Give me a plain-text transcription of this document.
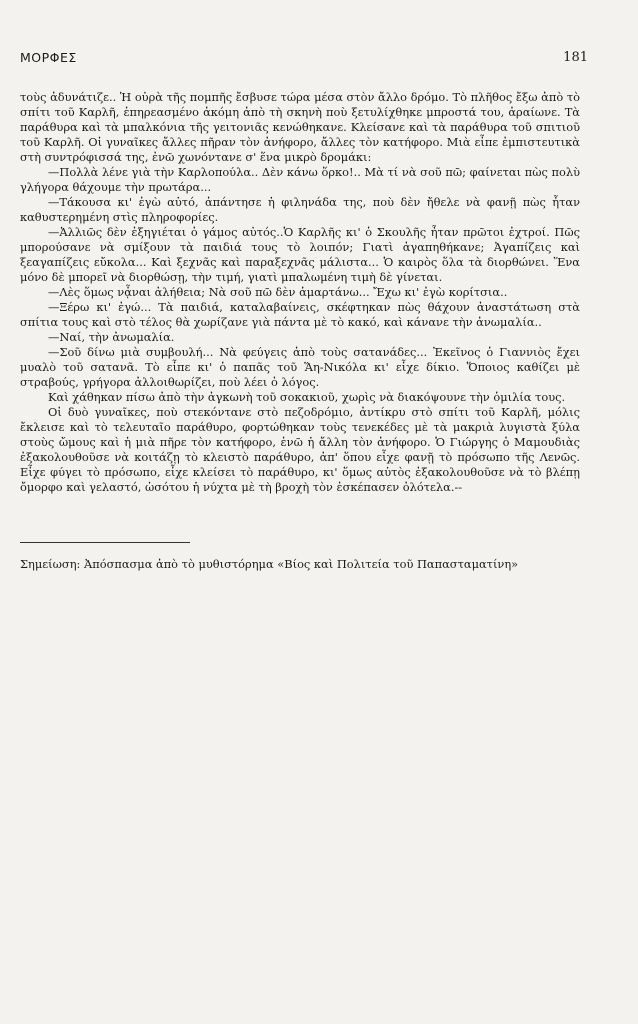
ΜΟΡΦΕΣ	181

τοὺς ἀδυνάτιζε.. Ἡ οὐρὰ τῆς πομπῆς ἔσβυσε τώρα μέσα στὸν ἄλλο δρόμο. Τὸ πλῆθος ἔξω ἀπὸ τὸ σπίτι τοῦ Καρλῆ, ἐπηρεασμένο ἀκόμη ἀπὸ τὴ σκηνὴ ποὺ ξετυλίχθηκε μπροστά του, ἀραίωνε. Τὰ παράθυρα καὶ τὰ μπαλκόνια τῆς γειτονιᾶς κενώθηκανε. Κλείσανε καὶ τὰ παράθυρα τοῦ σπιτιοῦ τοῦ Καρλῆ. Οἱ γυναῖκες ἄλλες πῆραν τὸν ἀνήφορο, ἄλλες τὸν κατήφορο. Μιὰ εἶπε ἐμπιστευτικὰ στὴ συντρόφισσά της, ἐνῶ χωνόντανε σ' ἕνα μικρὸ δρομάκι:

—Πολλὰ λένε γιὰ τὴν Καρλοπούλα.. Δὲν κάνω ὅρκο!.. Μὰ τί νὰ σοῦ πῶ; φαίνεται πὼς πολὺ γλήγορα θάχουμε τὴν πρωτάρα...

—Τάκουσα κι' ἐγὼ αὐτό, ἀπάντησε ἡ φιληνάδα της, ποὺ δὲν ἤθελε νὰ φανῇ πὼς ἦταν καθυστερημένη στὶς πληροφορίες.

—Ἀλλιῶς δὲν ἐξηγιέται ὁ γάμος αὐτός..Ὁ Καρλῆς κι' ὁ Σκουλῆς ἦταν πρῶτοι ἐχτροί. Πῶς μπορούσανε νὰ σμίξουν τὰ παιδιά τους τὸ λοιπόν; Γιατὶ ἀγαπηθήκανε; Ἀγαπίζεις καὶ ξεαγαπίζεις εὔκολα... Καὶ ξεχνᾶς καὶ παραξεχνᾶς μάλιστα... Ὁ καιρὸς ὅλα τὰ διορθώνει. Ἕνα μόνο δὲ μπορεῖ νὰ διορθώσῃ, τὴν τιμή, γιατὶ μπαλωμένη τιμὴ δὲ γίνεται.

—Λὲς ὅμως νᾆναι ἀλήθεια; Νὰ σοῦ πῶ δὲν ἁμαρτάνω... Ἔχω κι' ἐγὼ κορίτσια..

—Ξέρω κι' ἐγώ... Τὰ παιδιά, καταλαβαίνεις, σκέφτηκαν πὼς θάχουν ἀναστάτωση στὰ σπίτια τους καὶ στὸ τέλος θὰ χωρίζανε γιὰ πάντα μὲ τὸ κακό, καὶ κάνανε τὴν ἀνωμαλία..

—Ναί, τὴν ἀνωμαλία.

—Σοῦ δίνω μιὰ συμβουλή... Νὰ φεύγεις ἀπὸ τοὺς σατανάδες... Ἐκεῖνος ὁ Γιαννιὸς ἔχει μυαλὸ τοῦ σατανᾶ. Τὸ εἶπε κι' ὁ παπᾶς τοῦ Ἅη-Νικόλα κι' εἶχε δίκιο. Ὅποιος καθίζει μὲ στραβούς, γρήγορα ἀλλοιθωρίζει, ποὺ λέει ὁ λόγος.

Καὶ χάθηκαν πίσω ἀπὸ τὴν ἀγκωνὴ τοῦ σοκακιοῦ, χωρὶς νὰ διακόψουνε τὴν ὁμιλία τους.

Οἱ δυὸ γυναῖκες, ποὺ στεκόντανε στὸ πεζοδρόμιο, ἀντίκρυ στὸ σπίτι τοῦ Καρλῆ, μόλις ἔκλεισε καὶ τὸ τελευταῖο παράθυρο, φορτώθηκαν τοὺς τενεκέδες μὲ τὰ μακριὰ λυγιστὰ ξύλα στοὺς ὤμους καὶ ἡ μιὰ πῆρε τὸν κατήφορο, ἐνῶ ἡ ἄλλη τὸν ἀνήφορο. Ὁ Γιώργης ὁ Μαμουδιὰς ἐξακολουθοῦσε νὰ κοιτάζῃ τὸ κλειστὸ παράθυρο, ἀπ' ὅπου εἶχε φανῇ τὸ πρόσωπο τῆς Λενῶς. Εἶχε φύγει τὸ πρόσωπο, εἶχε κλείσει τὸ παράθυρο, κι' ὅμως αὐτὸς ἐξακολουθοῦσε νὰ τὸ βλέπῃ ὄμορφο καὶ γελαστό, ὡσότου ἡ νύχτα μὲ τὴ βροχὴ τὸν ἐσκέπασεν ὁλότελα.--

Σημείωση: Ἀπόσπασμα ἀπὸ τὸ μυθιστόρημα «Βίος καὶ Πολιτεία τοῦ Παπασταματίνη»
